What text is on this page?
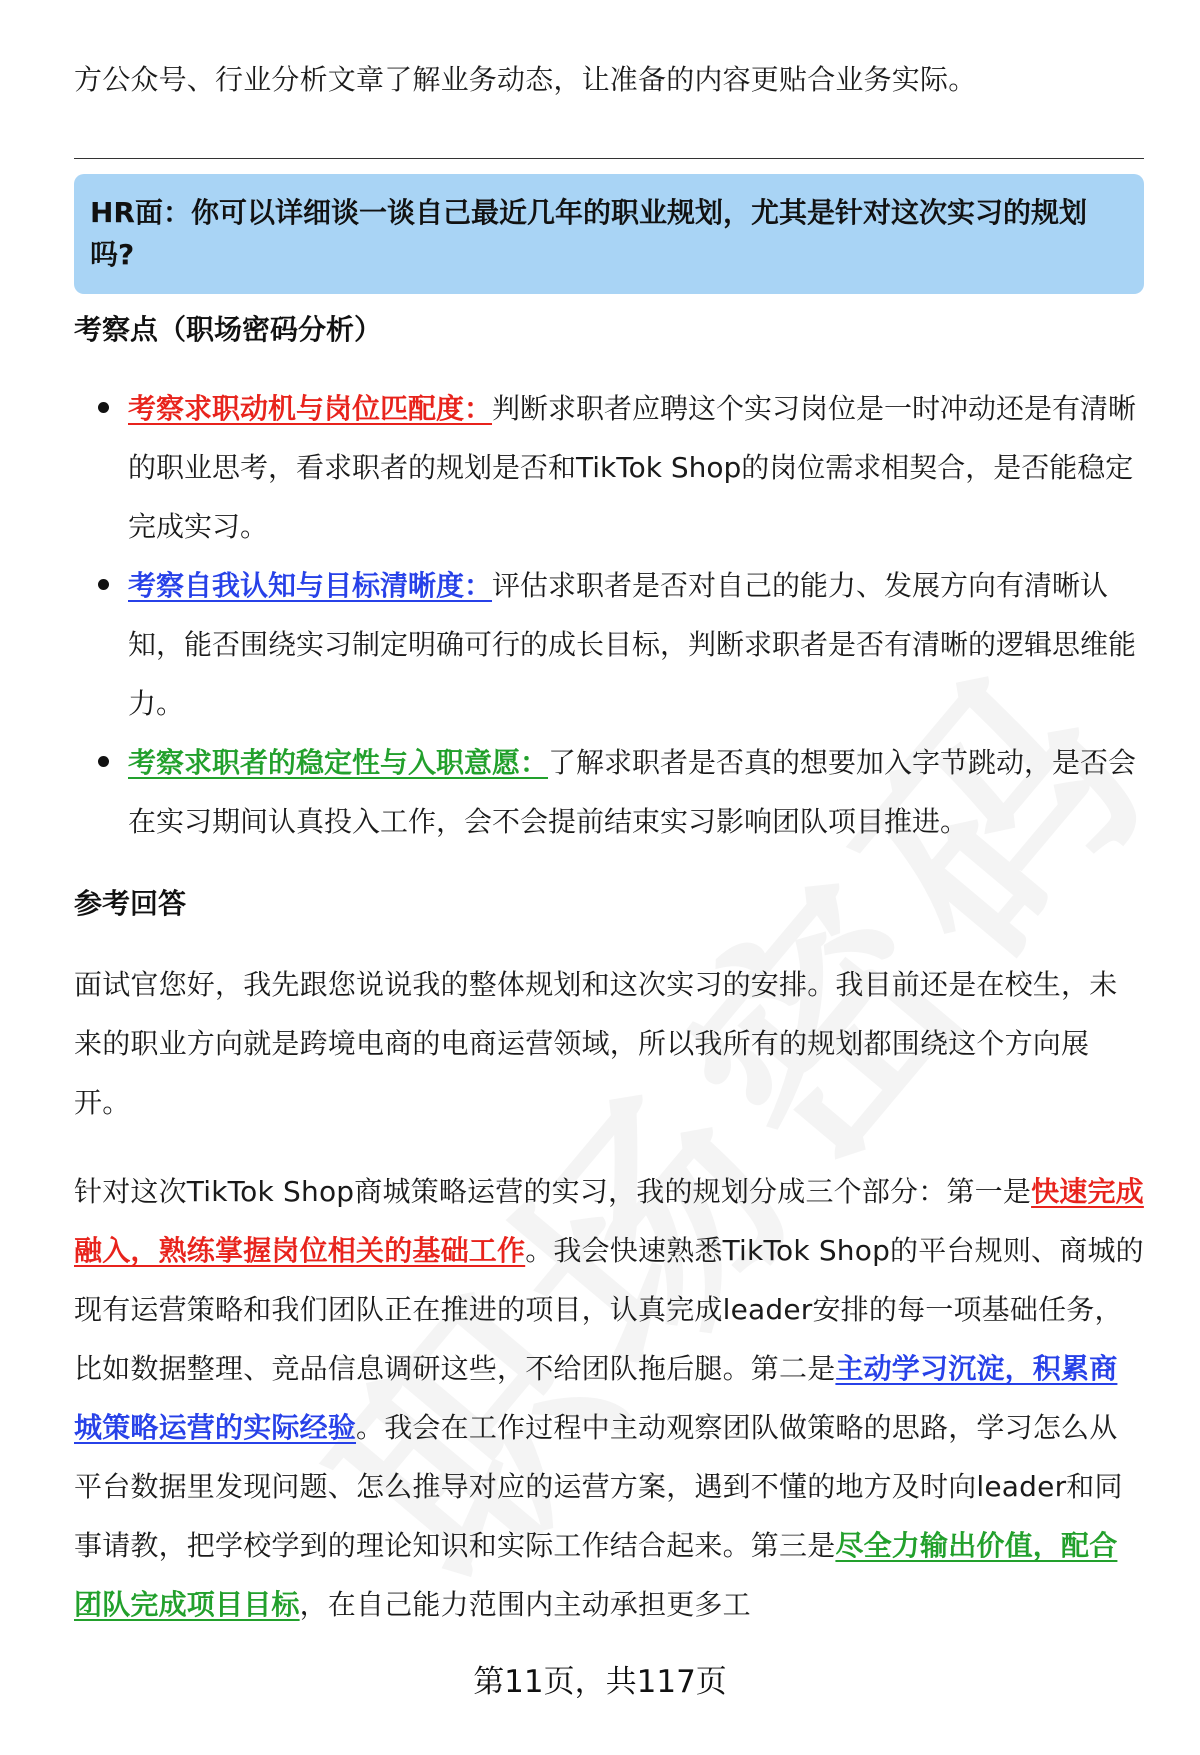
方公众号、行业分析文章了解业务动态，让准备的内容更贴合业务实际。

HR面：你可以详细谈一谈自己最近几年的职业规划，尤其是针对这次实习的规划吗?

考察点（职场密码分析）
考察求职动机与岗位匹配度：判断求职者应聘这个实习岗位是一时冲动还是有清晰的职业思考，看求职者的规划是否和TikTok Shop的岗位需求相契合，是否能稳定完成实习。
考察自我认知与目标清晰度：评估求职者是否对自己的能力、发展方向有清晰认知，能否围绕实习制定明确可行的成长目标，判断求职者是否有清晰的逻辑思维能力。
考察求职者的稳定性与入职意愿：了解求职者是否真的想要加入字节跳动，是否会在实习期间认真投入工作，会不会提前结束实习影响团队项目推进。
参考回答

面试官您好，我先跟您说说我的整体规划和这次实习的安排。我目前还是在校生，未来的职业方向就是跨境电商的电商运营领域，所以我所有的规划都围绕这个方向展开。

针对这次TikTok Shop商城策略运营的实习，我的规划分成三个部分：第一是快速完成融入，熟练掌握岗位相关的基础工作。我会快速熟悉TikTok Shop的平台规则、商城的现有运营策略和我们团队正在推进的项目，认真完成leader安排的每一项基础任务，比如数据整理、竞品信息调研这些，不给团队拖后腿。第二是主动学习沉淀，积累商城策略运营的实际经验。我会在工作过程中主动观察团队做策略的思路，学习怎么从平台数据里发现问题、怎么推导对应的运营方案，遇到不懂的地方及时向leader和同事请教，把学校学到的理论知识和实际工作结合起来。第三是尽全力输出价值，配合团队完成项目目标，在自己能力范围内主动承担更多工

第11页，共117页
